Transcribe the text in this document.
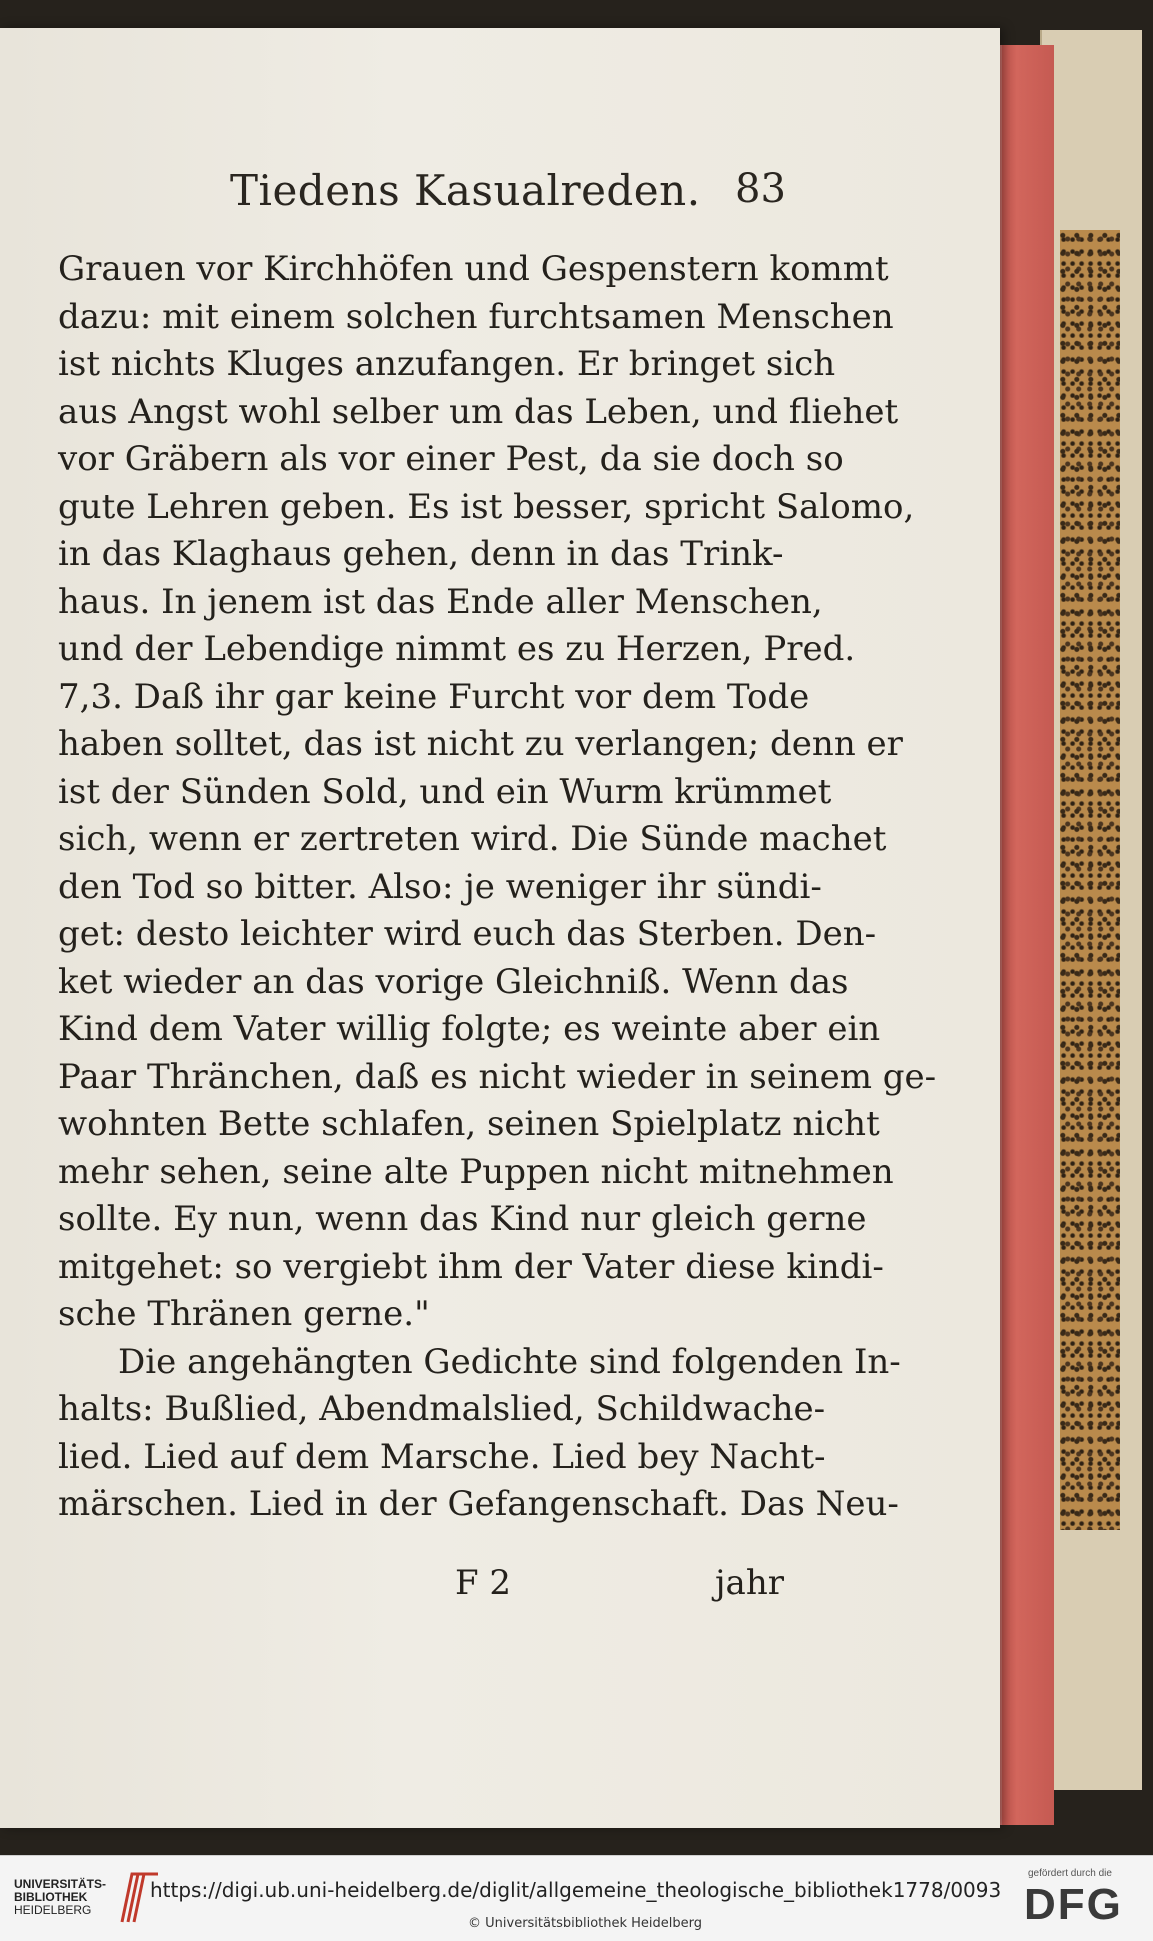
Tiedens Kasualreden. 83
Grauen vor Kirchhöfen und Gespenstern kommt
dazu: mit einem solchen furchtsamen Menschen
ist nichts Kluges anzufangen. Er bringet sich
aus Angst wohl selber um das Leben, und fliehet
vor Gräbern als vor einer Pest, da sie doch so
gute Lehren geben. Es ist besser, spricht Salomo,
in das Klaghaus gehen, denn in das Trink-
haus. In jenem ist das Ende aller Menschen,
und der Lebendige nimmt es zu Herzen, Pred.
7,3. Daß ihr gar keine Furcht vor dem Tode
haben solltet, das ist nicht zu verlangen; denn er
ist der Sünden Sold, und ein Wurm krümmet
sich, wenn er zertreten wird. Die Sünde machet
den Tod so bitter. Also: je weniger ihr sündi-
get: desto leichter wird euch das Sterben. Den-
ket wieder an das vorige Gleichniß. Wenn das
Kind dem Vater willig folgte; es weinte aber ein
Paar Thränchen, daß es nicht wieder in seinem ge-
wohnten Bette schlafen, seinen Spielplatz nicht
mehr sehen, seine alte Puppen nicht mitnehmen
sollte. Ey nun, wenn das Kind nur gleich gerne
mitgehet: so vergiebt ihm der Vater diese kindi-
sche Thränen gerne."
Die angehängten Gedichte sind folgenden In-
halts: Bußlied, Abendmalslied, Schildwache-
lied. Lied auf dem Marsche. Lied bey Nacht-
märschen. Lied in der Gefangenschaft. Das Neu-
F 2	jahr
UNIVERSITÄTS-
BIBLIOTHEK
HEIDELBERG
https://digi.ub.uni-heidelberg.de/diglit/allgemeine_theologische_bibliothek1778/0093
© Universitätsbibliothek Heidelberg
gefördert durch die
DFG
